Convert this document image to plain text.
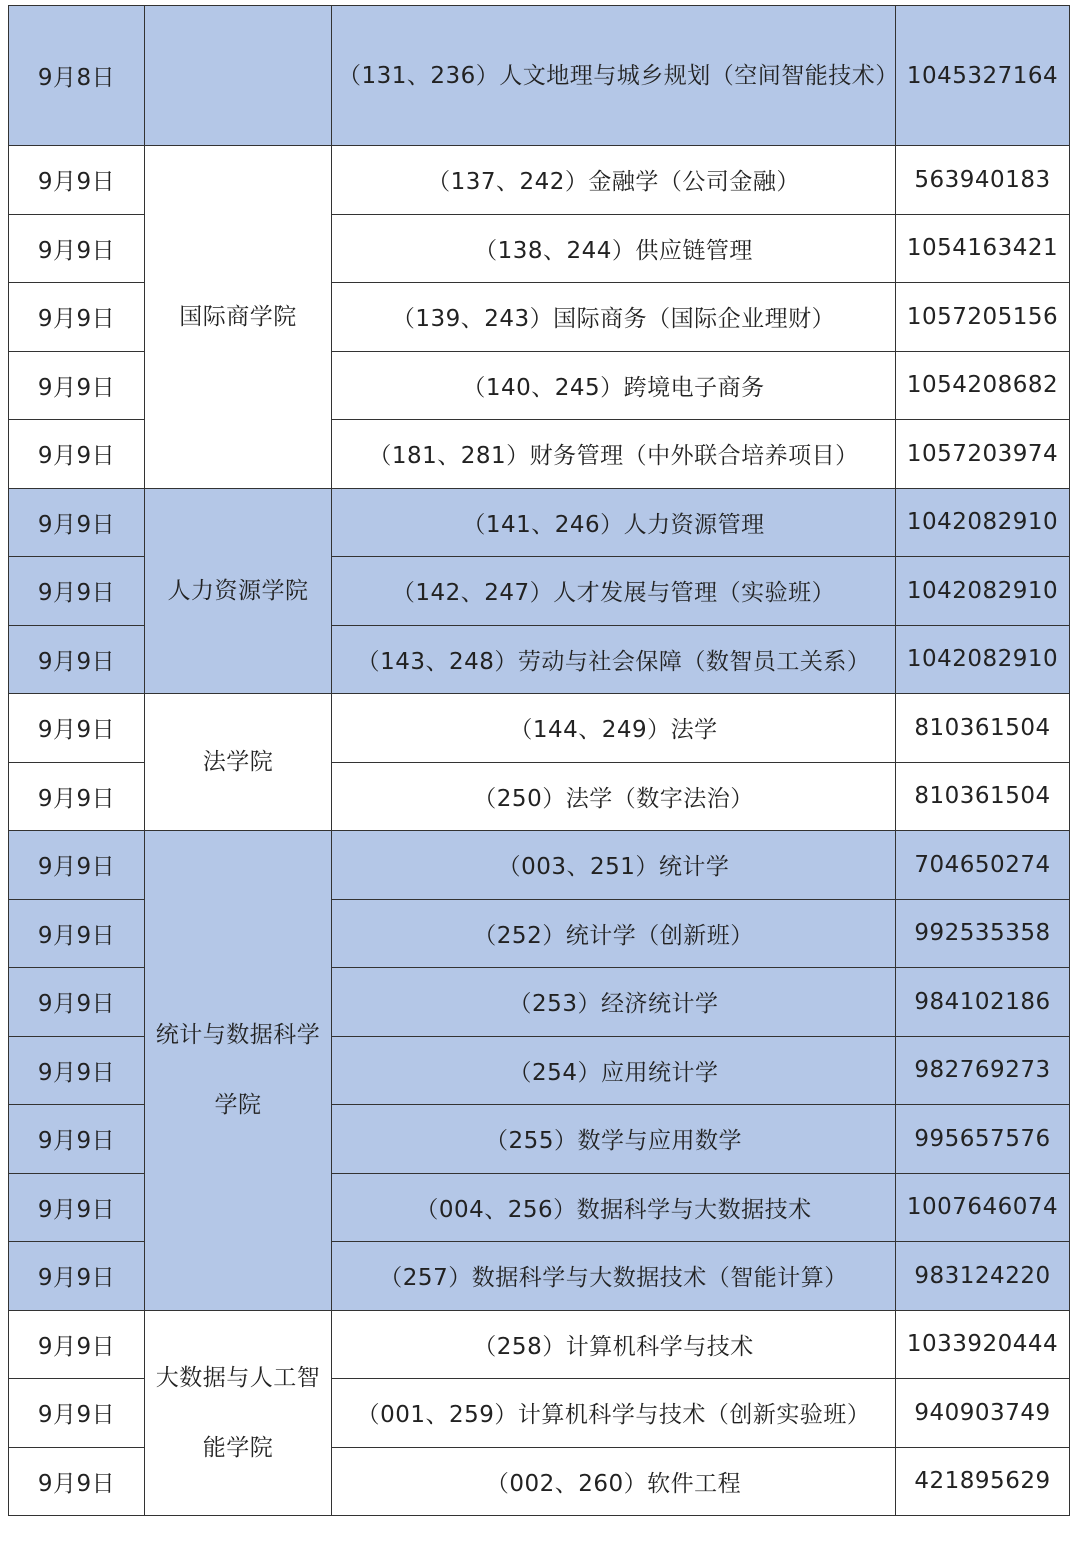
9月8日		（131、236）人文地理与城乡规划（空间智能技术）	1045327164
9月9日	国际商学院	（137、242）金融学（公司金融）	563940183
9月9日		（138、244）供应链管理	1054163421
9月9日		（139、243）国际商务（国际企业理财）	1057205156
9月9日		（140、245）跨境电子商务	1054208682
9月9日		（181、281）财务管理（中外联合培养项目）	1057203974
9月9日	人力资源学院	（141、246）人力资源管理	1042082910
9月9日		（142、247）人才发展与管理（实验班）	1042082910
9月9日		（143、248）劳动与社会保障（数智员工关系）	1042082910
9月9日	法学院	（144、249）法学	810361504
9月9日		（250）法学（数字法治）	810361504
9月9日	统计与数据科学学院	（003、251）统计学	704650274
9月9日		（252）统计学（创新班）	992535358
9月9日		（253）经济统计学	984102186
9月9日		（254）应用统计学	982769273
9月9日		（255）数学与应用数学	995657576
9月9日		（004、256）数据科学与大数据技术	1007646074
9月9日		（257）数据科学与大数据技术（智能计算）	983124220
9月9日	大数据与人工智能学院	（258）计算机科学与技术	1033920444
9月9日		（001、259）计算机科学与技术（创新实验班）	940903749
9月9日		（002、260）软件工程	421895629
